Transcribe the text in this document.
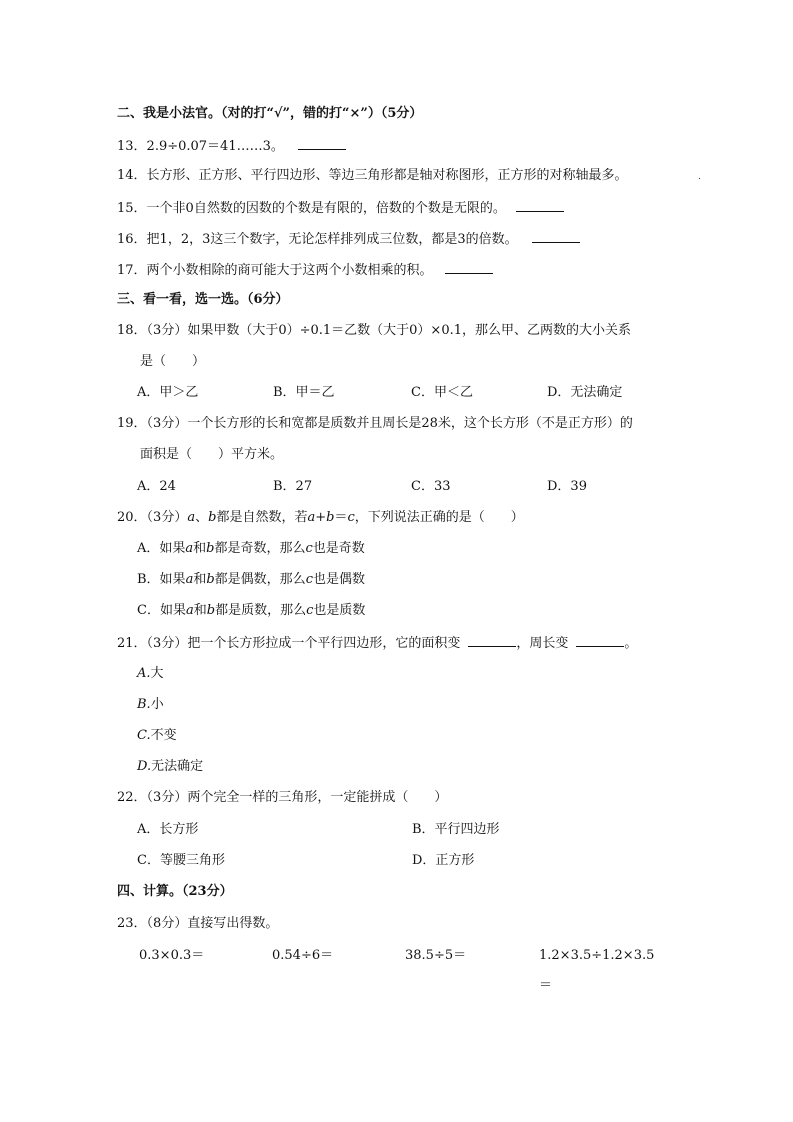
二、我是小法官。（对的打“√”，错的打“×”）（5分）
13．2.9÷0.07＝41……3。
14．长方形、正方形、平行四边形、等边三角形都是轴对称图形，正方形的对称轴最多。
15．一个非0自然数的因数的个数是有限的，倍数的个数是无限的。
16．把1，2，3这三个数字，无论怎样排列成三位数，都是3的倍数。
17．两个小数相除的商可能大于这两个小数相乘的积。
三、看一看，选一选。（6分）
18．（3分）如果甲数（大于0）÷0.1＝乙数（大于0）×0.1，那么甲、乙两数的大小关系
是（　　）
A．甲＞乙	B．甲＝乙	C．甲＜乙	D．无法确定
19．（3分）一个长方形的长和宽都是质数并且周长是28米，这个长方形（不是正方形）的
面积是（　　）平方米。
A．24	B．27	C．33	D．39
20．（3分）a、b都是自然数，若a+b＝c，下列说法正确的是（　　）
A．如果a和b都是奇数，那么c也是奇数
B．如果a和b都是偶数，那么c也是偶数
C．如果a和b都是质数，那么c也是质数
21．（3分）把一个长方形拉成一个平行四边形，它的面积变	，周长变	。
A.大
B.小
C.不变
D.无法确定
22．（3分）两个完全一样的三角形，一定能拼成（　　）
A．长方形	B．平行四边形
C．等腰三角形	D．正方形
四、计算。（23分）
23．（8分）直接写出得数。
0.3×0.3＝	0.54÷6＝	38.5÷5＝	1.2×3.5÷1.2×3.5
＝
